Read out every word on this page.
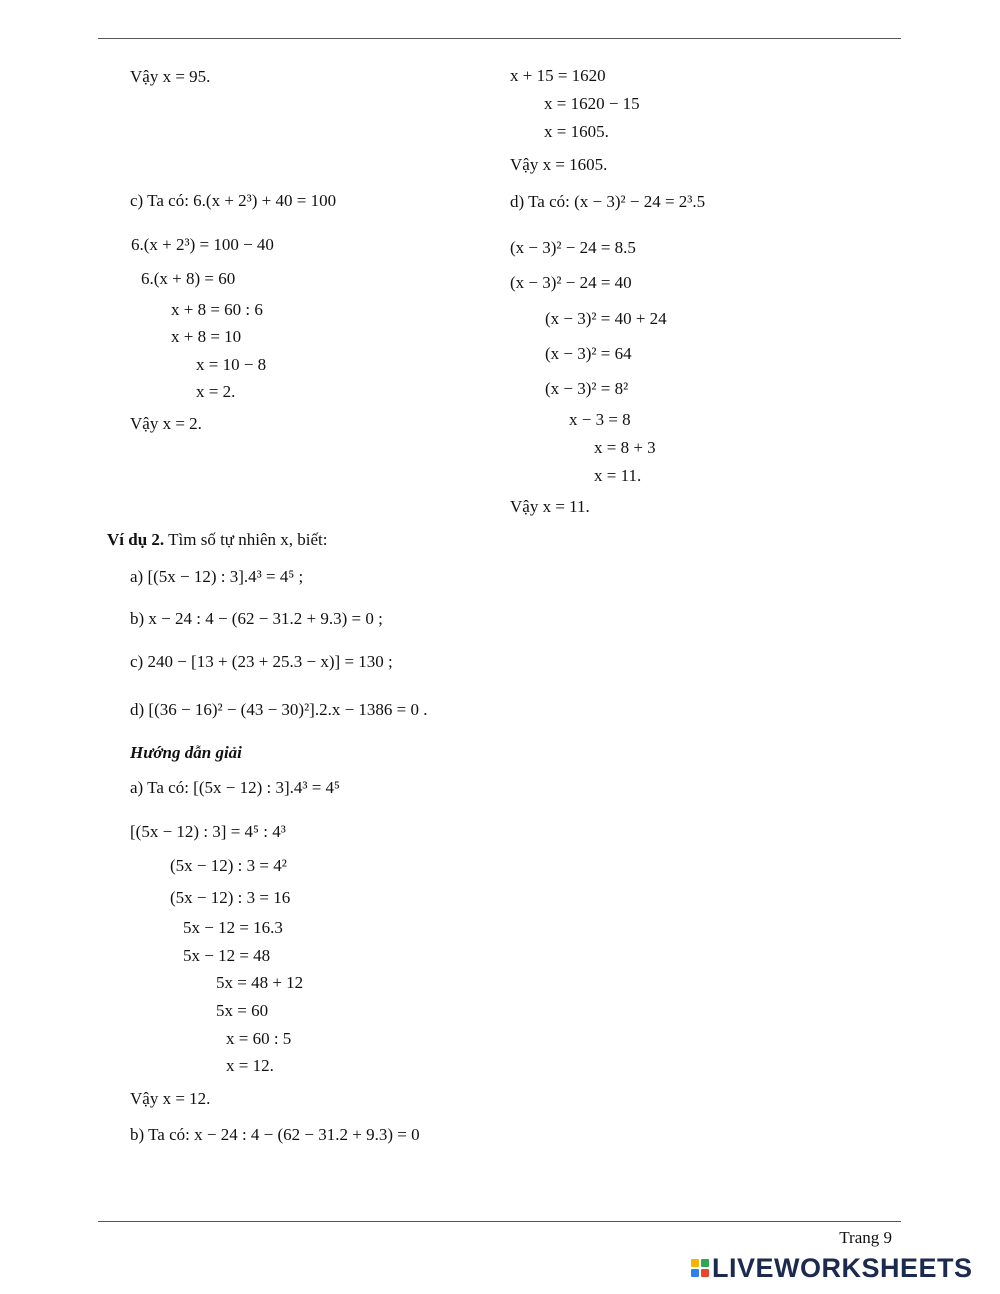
Vậy x = 95.
c) Ta có: 6.(x + 2³) + 40 = 100
6.(x + 2³) = 100 − 40
6.(x + 8) = 60
x + 8 = 60 : 6
x + 8 = 10
x = 10 − 8
x = 2.
Vậy x = 2.
x + 15 = 1620
x = 1620 − 15
x = 1605.
Vậy x = 1605.
d) Ta có: (x − 3)² − 24 = 2³.5
(x − 3)² − 24 = 8.5
(x − 3)² − 24 = 40
(x − 3)² = 40 + 24
(x − 3)² = 64
(x − 3)² = 8²
x − 3 = 8
x = 8 + 3
x = 11.
Vậy x = 11.
Ví dụ 2. Tìm số tự nhiên x, biết:
a) [(5x − 12) : 3].4³ = 4⁵ ;
b) x − 24 : 4 − (62 − 31.2 + 9.3) = 0 ;
c) 240 − [13 + (23 + 25.3 − x)] = 130 ;
d) [(36 − 16)² − (43 − 30)²].2.x − 1386 = 0 .
Hướng dẫn giải
a) Ta có: [(5x − 12) : 3].4³ = 4⁵
[(5x − 12) : 3] = 4⁵ : 4³
(5x − 12) : 3 = 4²
(5x − 12) : 3 = 16
5x − 12 = 16.3
5x − 12 = 48
5x = 48 + 12
5x = 60
x = 60 : 5
x = 12.
Vậy x = 12.
b) Ta có: x − 24 : 4 − (62 − 31.2 + 9.3) = 0
Trang 9
LIVEWORKSHEETS
